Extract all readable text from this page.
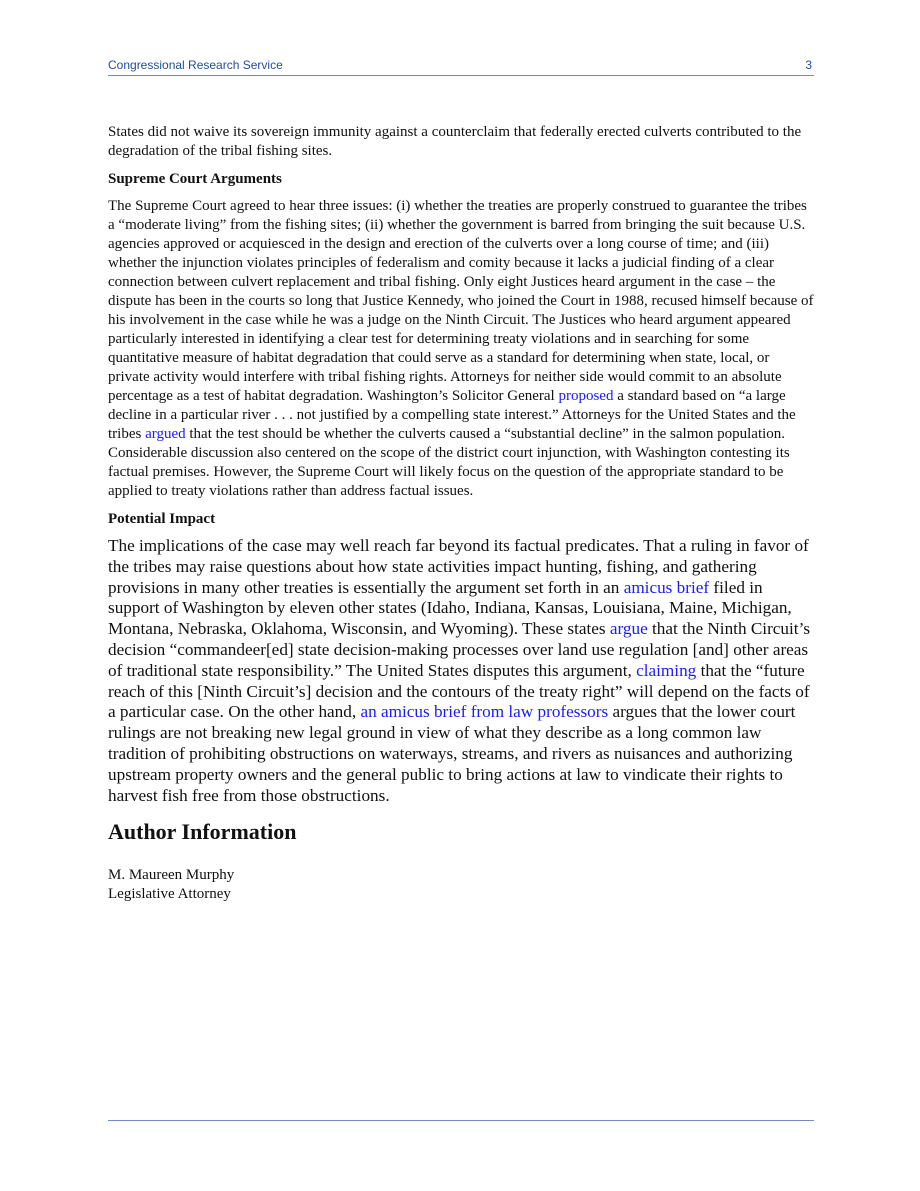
Congressional Research Service	3

States did not waive its sovereign immunity against a counterclaim that federally erected culverts contributed to the degradation of the tribal fishing sites.

Supreme Court Arguments

The Supreme Court agreed to hear three issues: (i) whether the treaties are properly construed to guarantee the tribes a “moderate living” from the fishing sites; (ii) whether the government is barred from bringing the suit because U.S. agencies approved or acquiesced in the design and erection of the culverts over a long course of time; and (iii) whether the injunction violates principles of federalism and comity because it lacks a judicial finding of a clear connection between culvert replacement and tribal fishing. Only eight Justices heard argument in the case – the dispute has been in the courts so long that Justice Kennedy, who joined the Court in 1988, recused himself because of his involvement in the case while he was a judge on the Ninth Circuit. The Justices who heard argument appeared particularly interested in identifying a clear test for determining treaty violations and in searching for some quantitative measure of habitat degradation that could serve as a standard for determining when state, local, or private activity would interfere with tribal fishing rights. Attorneys for neither side would commit to an absolute percentage as a test of habitat degradation. Washington’s Solicitor General proposed a standard based on “a large decline in a particular river . . . not justified by a compelling state interest.” Attorneys for the United States and the tribes argued that the test should be whether the culverts caused a “substantial decline” in the salmon population. Considerable discussion also centered on the scope of the district court injunction, with Washington contesting its factual premises. However, the Supreme Court will likely focus on the question of the appropriate standard to be applied to treaty violations rather than address factual issues.

Potential Impact

The implications of the case may well reach far beyond its factual predicates. That a ruling in favor of the tribes may raise questions about how state activities impact hunting, fishing, and gathering provisions in many other treaties is essentially the argument set forth in an amicus brief filed in support of Washington by eleven other states (Idaho, Indiana, Kansas, Louisiana, Maine, Michigan, Montana, Nebraska, Oklahoma, Wisconsin, and Wyoming). These states argue that the Ninth Circuit’s decision “commandeer[ed] state decision-making processes over land use regulation [and] other areas of traditional state responsibility.” The United States disputes this argument, claiming that the “future reach of this [Ninth Circuit’s] decision and the contours of the treaty right” will depend on the facts of a particular case. On the other hand, an amicus brief from law professors argues that the lower court rulings are not breaking new legal ground in view of what they describe as a long common law tradition of prohibiting obstructions on waterways, streams, and rivers as nuisances and authorizing upstream property owners and the general public to bring actions at law to vindicate their rights to harvest fish free from those obstructions.

Author Information
M. Maureen Murphy
Legislative Attorney
